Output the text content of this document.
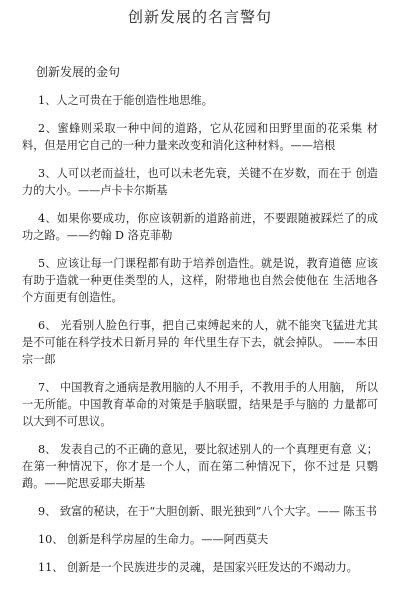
创新发展的名言警句
创新发展的金句

1、人之可贵在于能创造性地思维。

2、蜜蜂则采取一种中间的道路，它从花园和田野里面的花采集 材料，但是用它自己的一种力量来改变和消化这种材料。——培根

3、人可以老而益壮，也可以未老先衰，关键不在岁数，而在于 创造力的大小。——卢卡卡尔斯基

4、如果你要成功，你应该朝新的道路前进，不要跟随被踩烂了的成功之路。——约翰 D 洛克菲勒

5、应该让每一门课程都有助于培养创造性。就是说，教育道德 应该有助于造就一种更佳类型的人，这样，附带地也自然会使他在 生活地各个方面更有创造性。

6、 光看别人脸色行事，把自己束缚起来的人，就不能突飞猛进尤其是不可能在科学技术日新月异的 年代里生存下去，就会掉队。 ——本田宗一郎

7、 中国教育之通病是教用脑的人不用手，不教用手的人用脑， 所以一无所能。中国教育革命的对策是手脑联盟，结果是手与脑的 力量都可以大到不可思议。

8、 发表自己的不正确的意见，要比叙述别人的一个真理更有意 义；在第一种情况下，你才是一个人，而在第二种情况下，你不过是 只鹦鹉。——陀思妥耶夫斯基

9、 致富的秘诀，在于“大胆创新、眼光独到”八个大字。—— 陈玉书

10、 创新是科学房屋的生命力。——阿西莫夫

11、 创新是一个民族进步的灵魂，是国家兴旺发达的不竭动力。
